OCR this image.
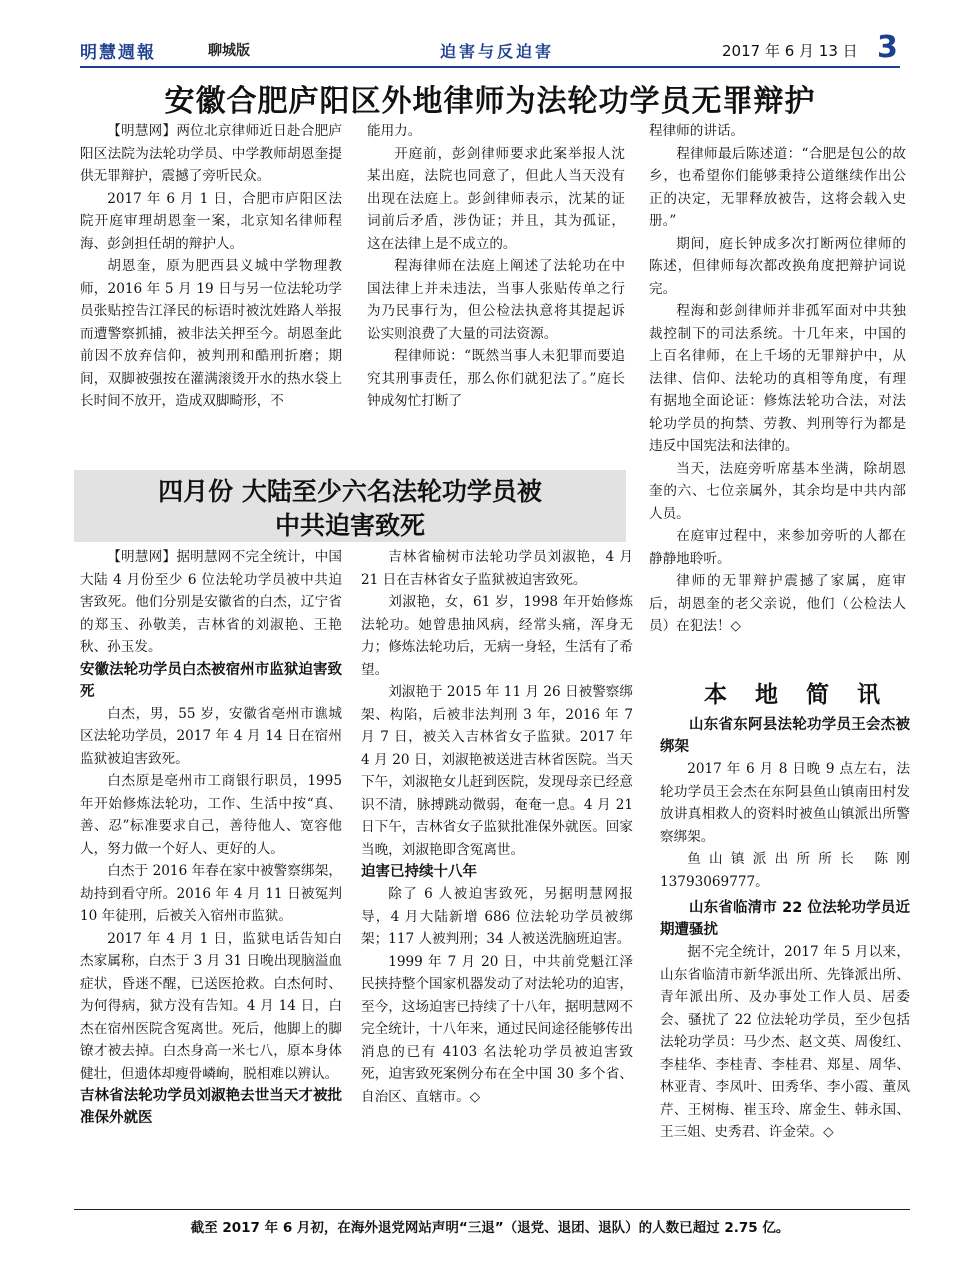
明慧週報	聊城版	迫害与反迫害	2017 年 6 月 13 日 3
安徽合肥庐阳区外地律师为法轮功学员无罪辩护

【明慧网】两位北京律师近日赴合肥庐阳区法院为法轮功学员、中学教师胡恩奎提供无罪辩护，震撼了旁听民众。

2017 年 6 月 1 日，合肥市庐阳区法院开庭审理胡恩奎一案，北京知名律师程海、彭剑担任胡的辩护人。

胡恩奎，原为肥西县义城中学物理教师，2016 年 5 月 19 日与另一位法轮功学员张贴控告江泽民的标语时被沈姓路人举报而遭警察抓捕，被非法关押至今。胡恩奎此前因不放弃信仰，被判刑和酷刑折磨；期间，双脚被强按在灌满滚烫开水的热水袋上长时间不放开，造成双脚畸形，不

能用力。

开庭前，彭剑律师要求此案举报人沈某出庭，法院也同意了，但此人当天没有出现在法庭上。彭剑律师表示，沈某的证词前后矛盾，涉伪证；并且，其为孤证，这在法律上是不成立的。

程海律师在法庭上阐述了法轮功在中国法律上并未违法，当事人张贴传单之行为乃民事行为，但公检法执意将其提起诉讼实则浪费了大量的司法资源。

程律师说：“既然当事人未犯罪而要追究其刑事责任，那么你们就犯法了。”庭长钟成匆忙打断了

程律师的讲话。

程律师最后陈述道：“合肥是包公的故乡，也希望你们能够秉持公道继续作出公正的决定，无罪释放被告，这将会载入史册。”

期间，庭长钟成多次打断两位律师的陈述，但律师每次都改换角度把辩护词说完。

程海和彭剑律师并非孤军面对中共独裁控制下的司法系统。十几年来，中国的上百名律师，在上千场的无罪辩护中，从法律、信仰、法轮功的真相等角度，有理有据地全面论证：修炼法轮功合法，对法轮功学员的拘禁、劳教、判刑等行为都是违反中国宪法和法律的。

当天，法庭旁听席基本坐满，除胡恩奎的六、七位亲属外，其余均是中共内部人员。

在庭审过程中，来参加旁听的人都在静静地聆听。

律师的无罪辩护震撼了家属，庭审后，胡恩奎的老父亲说，他们（公检法人员）在犯法！◇

四月份 大陆至少六名法轮功学员被
中共迫害致死

【明慧网】据明慧网不完全统计，中国大陆 4 月份至少 6 位法轮功学员被中共迫害致死。他们分别是安徽省的白杰，辽宁省的郑玉、孙敬美，吉林省的刘淑艳、王艳秋、孙玉发。

安徽法轮功学员白杰被宿州市监狱迫害致死

白杰，男，55 岁，安徽省亳州市谯城区法轮功学员，2017 年 4 月 14 日在宿州监狱被迫害致死。

白杰原是亳州市工商银行职员，1995 年开始修炼法轮功，工作、生活中按“真、善、忍”标准要求自己，善待他人、宽容他人，努力做一个好人、更好的人。

白杰于 2016 年春在家中被警察绑架，劫持到看守所。2016 年 4 月 11 日被冤判 10 年徒刑，后被关入宿州市监狱。

2017 年 4 月 1 日，监狱电话告知白杰家属称，白杰于 3 月 31 日晚出现脑溢血症状，昏迷不醒，已送医抢救。白杰何时、为何得病，狱方没有告知。4 月 14 日，白杰在宿州医院含冤离世。死后，他脚上的脚镣才被去掉。白杰身高一米七八，原本身体健壮，但遗体却瘦骨嶙峋，脱相难以辨认。

吉林省法轮功学员刘淑艳去世当天才被批准保外就医

吉林省榆树市法轮功学员刘淑艳，4 月 21 日在吉林省女子监狱被迫害致死。

刘淑艳，女，61 岁，1998 年开始修炼法轮功。她曾患抽风病，经常头痛，浑身无力；修炼法轮功后，无病一身轻，生活有了希望。

刘淑艳于 2015 年 11 月 26 日被警察绑架、构陷，后被非法判刑 3 年，2016 年 7 月 7 日，被关入吉林省女子监狱。2017 年 4 月 20 日，刘淑艳被送进吉林省医院。当天下午，刘淑艳女儿赶到医院，发现母亲已经意识不清，脉搏跳动微弱，奄奄一息。4 月 21 日下午，吉林省女子监狱批准保外就医。回家当晚，刘淑艳即含冤离世。

迫害已持续十八年

除了 6 人被迫害致死，另据明慧网报导，4 月大陆新增 686 位法轮功学员被绑架；117 人被判刑；34 人被送洗脑班迫害。

1999 年 7 月 20 日，中共前党魁江泽民挟持整个国家机器发动了对法轮功的迫害，至今，这场迫害已持续了十八年，据明慧网不完全统计，十八年来，通过民间途径能够传出消息的已有 4103 名法轮功学员被迫害致死，迫害致死案例分布在全中国 30 多个省、自治区、直辖市。◇

本 地 简 讯

山东省东阿县法轮功学员王会杰被绑架

2017 年 6 月 8 日晚 9 点左右，法轮功学员王会杰在东阿县鱼山镇南田村发放讲真相救人的资料时被鱼山镇派出所警察绑架。

鱼山镇派出所所长 陈刚 13793069777。

山东省临清市 22 位法轮功学员近期遭骚扰

据不完全统计，2017 年 5 月以来，山东省临清市新华派出所、先锋派出所、青年派出所、及办事处工作人员、居委会、骚扰了 22 位法轮功学员，至少包括法轮功学员：马少杰、赵文英、周俊红、李桂华、李桂青、李桂君、郑星、周华、林亚青、李凤叶、田秀华、李小霞、董凤芹、王树梅、崔玉玲、席金生、韩永国、王三姐、史秀君、许金荣。◇

截至 2017 年 6 月初，在海外退党网站声明“三退”（退党、退团、退队）的人数已超过 2.75 亿。
